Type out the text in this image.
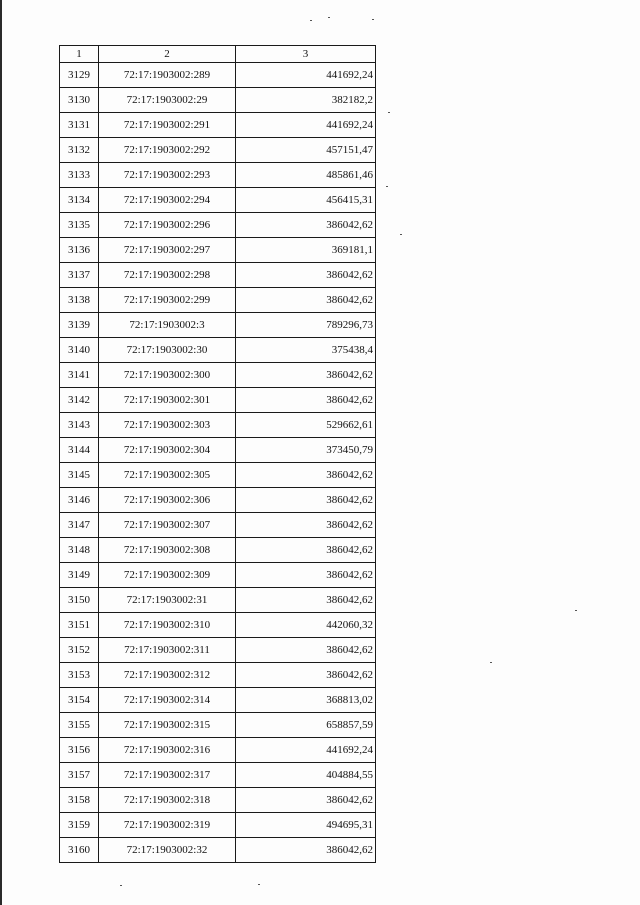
1	2	3
3129	72:17:1903002:289	441692,24
3130	72:17:1903002:29	382182,2
3131	72:17:1903002:291	441692,24
3132	72:17:1903002:292	457151,47
3133	72:17:1903002:293	485861,46
3134	72:17:1903002:294	456415,31
3135	72:17:1903002:296	386042,62
3136	72:17:1903002:297	369181,1
3137	72:17:1903002:298	386042,62
3138	72:17:1903002:299	386042,62
3139	72:17:1903002:3	789296,73
3140	72:17:1903002:30	375438,4
3141	72:17:1903002:300	386042,62
3142	72:17:1903002:301	386042,62
3143	72:17:1903002:303	529662,61
3144	72:17:1903002:304	373450,79
3145	72:17:1903002:305	386042,62
3146	72:17:1903002:306	386042,62
3147	72:17:1903002:307	386042,62
3148	72:17:1903002:308	386042,62
3149	72:17:1903002:309	386042,62
3150	72:17:1903002:31	386042,62
3151	72:17:1903002:310	442060,32
3152	72:17:1903002:311	386042,62
3153	72:17:1903002:312	386042,62
3154	72:17:1903002:314	368813,02
3155	72:17:1903002:315	658857,59
3156	72:17:1903002:316	441692,24
3157	72:17:1903002:317	404884,55
3158	72:17:1903002:318	386042,62
3159	72:17:1903002:319	494695,31
3160	72:17:1903002:32	386042,62
